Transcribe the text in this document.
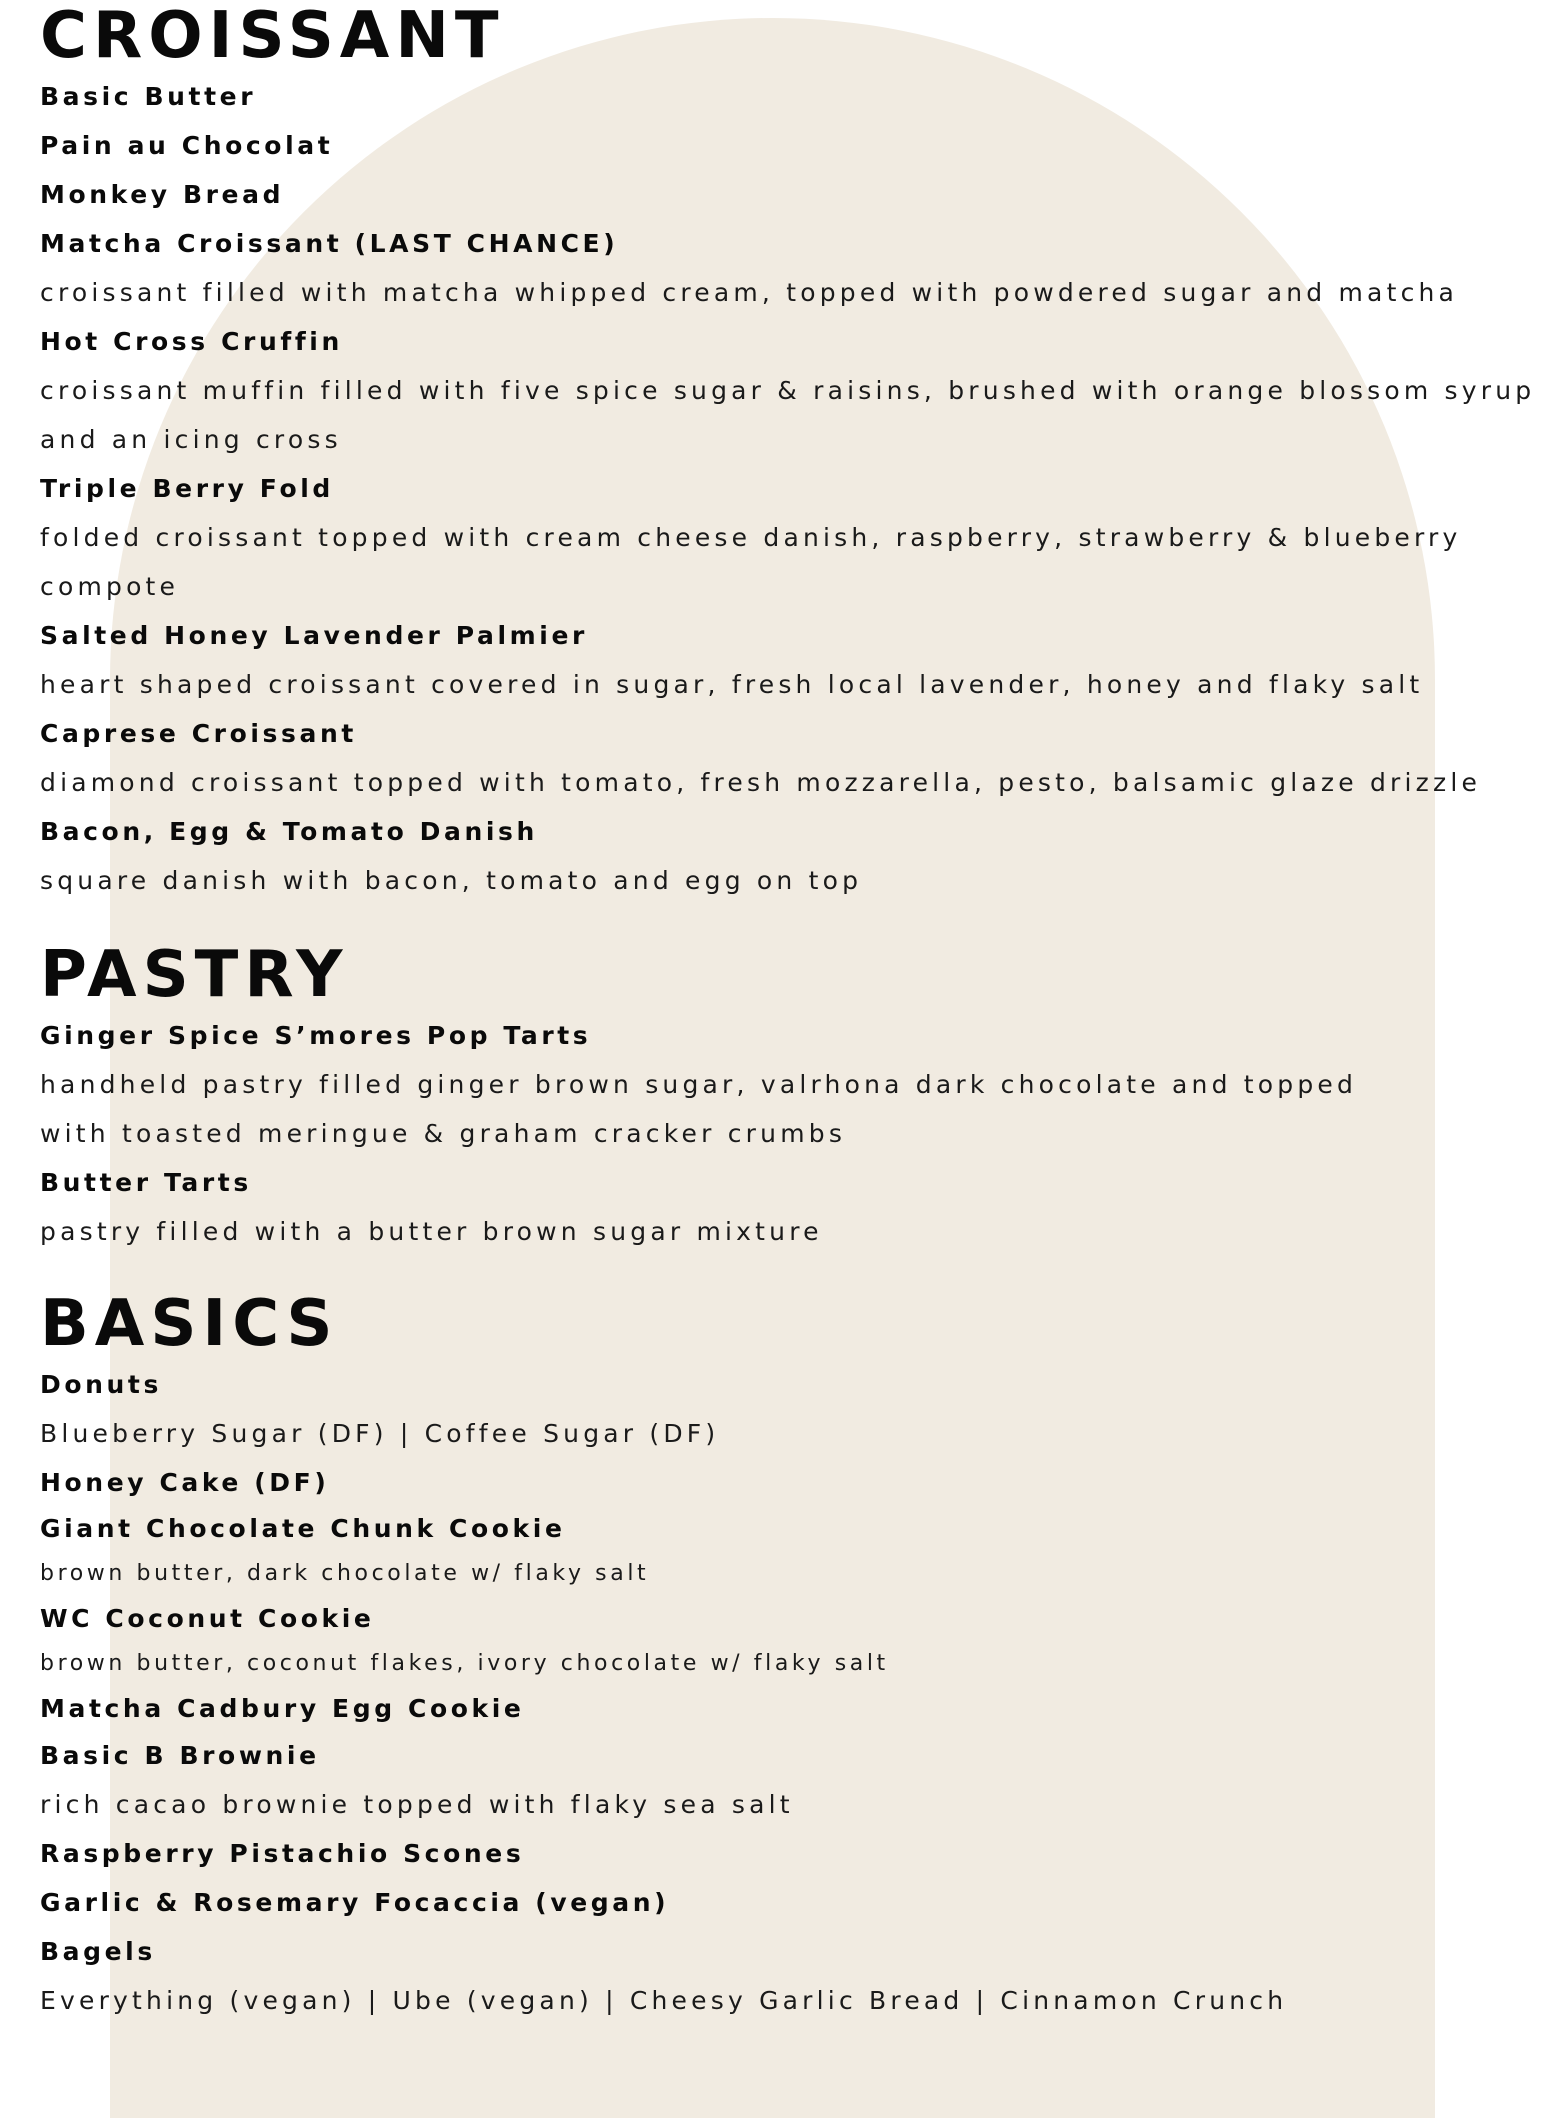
CROISSANT
Basic Butter
Pain au Chocolat
Monkey Bread
Matcha Croissant (LAST CHANCE)
croissant filled with matcha whipped cream, topped with powdered sugar and matcha
Hot Cross Cruffin
croissant muffin filled with five spice sugar & raisins, brushed with orange blossom syrup
and an icing cross
Triple Berry Fold
folded croissant topped with cream cheese danish, raspberry, strawberry & blueberry
compote
Salted Honey Lavender Palmier
heart shaped croissant covered in sugar, fresh local lavender, honey and flaky salt
Caprese Croissant
diamond croissant topped with tomato, fresh mozzarella, pesto, balsamic glaze drizzle
Bacon, Egg & Tomato Danish
square danish with bacon, tomato and egg on top
PASTRY
Ginger Spice S’mores Pop Tarts
handheld pastry filled ginger brown sugar, valrhona dark chocolate and topped
with toasted meringue & graham cracker crumbs
Butter Tarts
pastry filled with a butter brown sugar mixture
BASICS
Donuts
Blueberry Sugar (DF) | Coffee Sugar (DF)
Honey Cake (DF)
Giant Chocolate Chunk Cookie
brown butter, dark chocolate w/ flaky salt
WC Coconut Cookie
brown butter, coconut flakes, ivory chocolate w/ flaky salt
Matcha Cadbury Egg Cookie
Basic B Brownie
rich cacao brownie topped with flaky sea salt
Raspberry Pistachio Scones
Garlic & Rosemary Focaccia (vegan)
Bagels
Everything (vegan) | Ube (vegan) | Cheesy Garlic Bread | Cinnamon Crunch
